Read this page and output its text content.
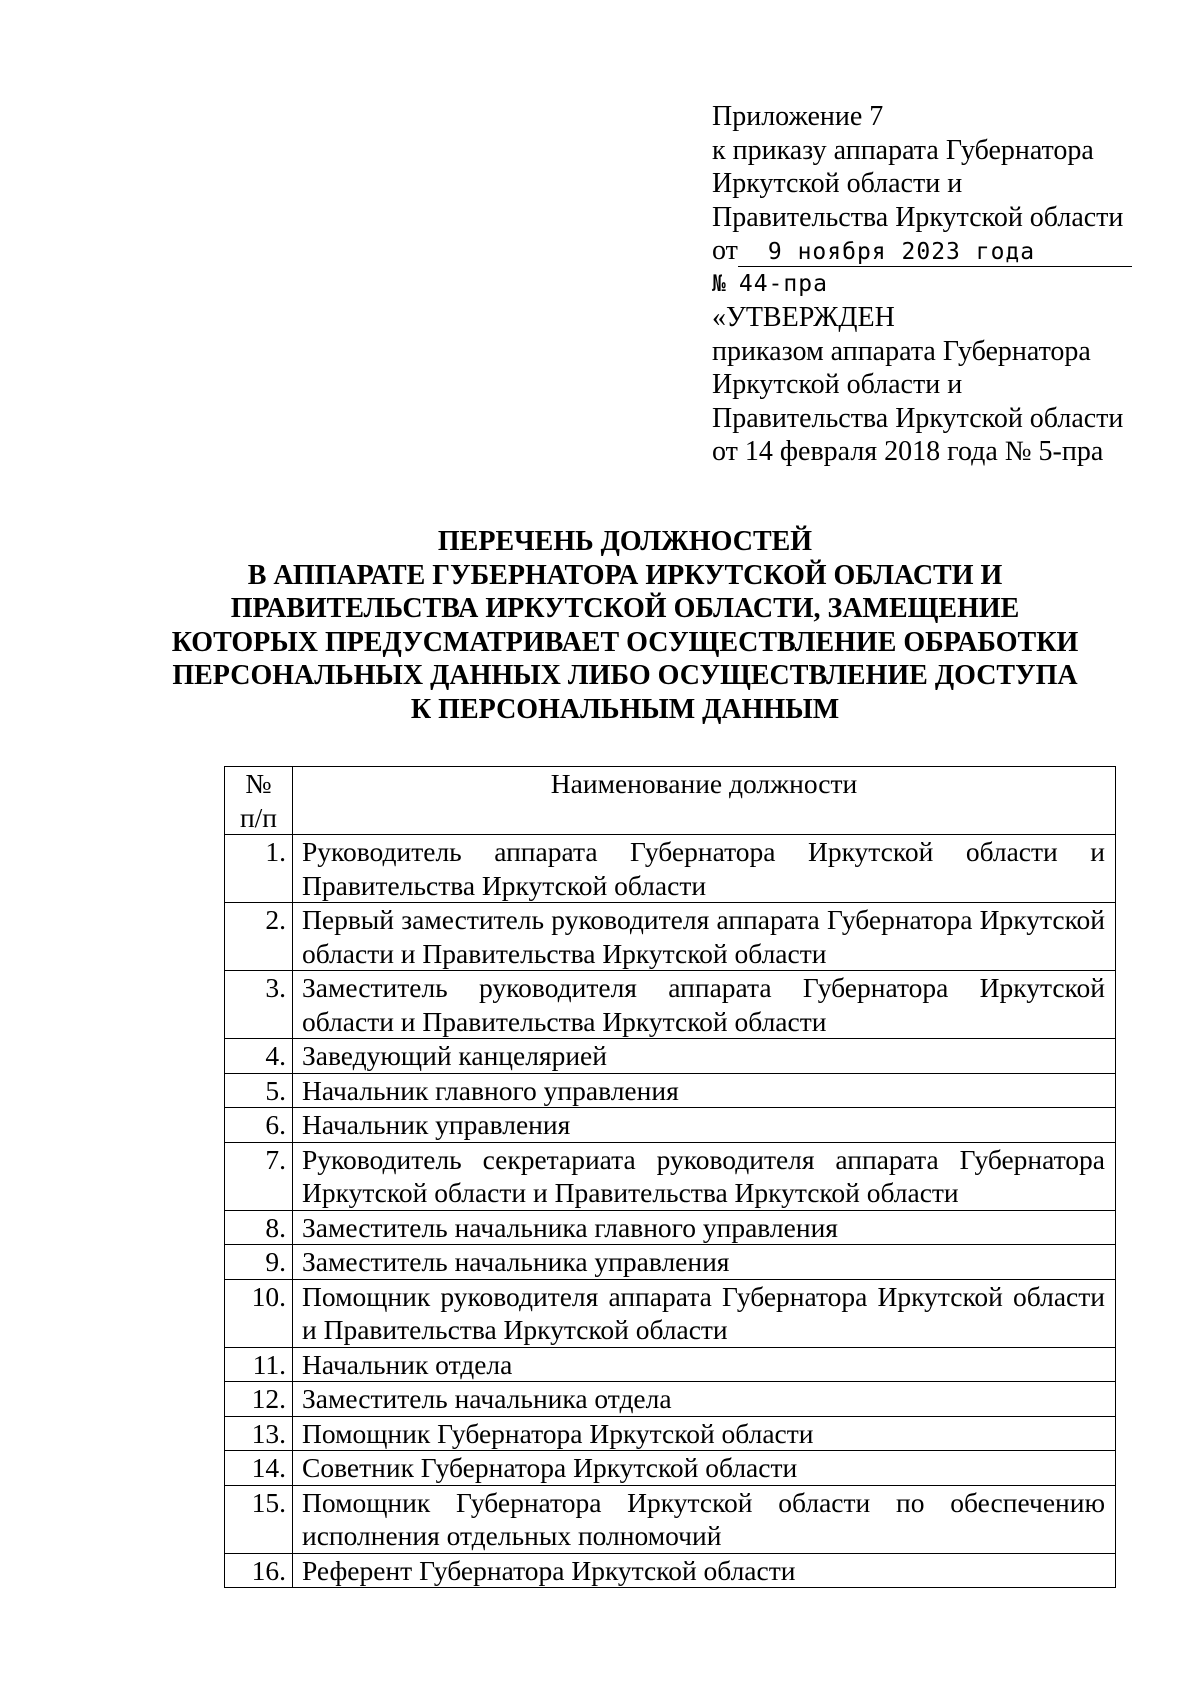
Приложение 7
к приказу аппарата Губернатора
Иркутской области и
Правительства Иркутской области
от 9 ноября 2023 года
№ 44-пра
«УТВЕРЖДЕН
приказом аппарата Губернатора
Иркутской области и
Правительства Иркутской области
от 14 февраля 2018 года № 5-пра
ПЕРЕЧЕНЬ ДОЛЖНОСТЕЙ
В АППАРАТЕ ГУБЕРНАТОРА ИРКУТСКОЙ ОБЛАСТИ И
ПРАВИТЕЛЬСТВА ИРКУТСКОЙ ОБЛАСТИ, ЗАМЕЩЕНИЕ
КОТОРЫХ ПРЕДУСМАТРИВАЕТ ОСУЩЕСТВЛЕНИЕ ОБРАБОТКИ
ПЕРСОНАЛЬНЫХ ДАННЫХ ЛИБО ОСУЩЕСТВЛЕНИЕ ДОСТУПА
К ПЕРСОНАЛЬНЫМ ДАННЫМ
№
п/п	Наименование должности
1.	Руководитель аппарата Губернатора Иркутской области и Правительства Иркутской области
2.	Первый заместитель руководителя аппарата Губернатора Иркутской области и Правительства Иркутской области
3.	Заместитель руководителя аппарата Губернатора Иркутской области и Правительства Иркутской области
4.	Заведующий канцелярией
5.	Начальник главного управления
6.	Начальник управления
7.	Руководитель секретариата руководителя аппарата Губернатора Иркутской области и Правительства Иркутской области
8.	Заместитель начальника главного управления
9.	Заместитель начальника управления
10.	Помощник руководителя аппарата Губернатора Иркутской области и Правительства Иркутской области
11.	Начальник отдела
12.	Заместитель начальника отдела
13.	Помощник Губернатора Иркутской области
14.	Советник Губернатора Иркутской области
15.	Помощник Губернатора Иркутской области по обеспечению исполнения отдельных полномочий
16.	Референт Губернатора Иркутской области
